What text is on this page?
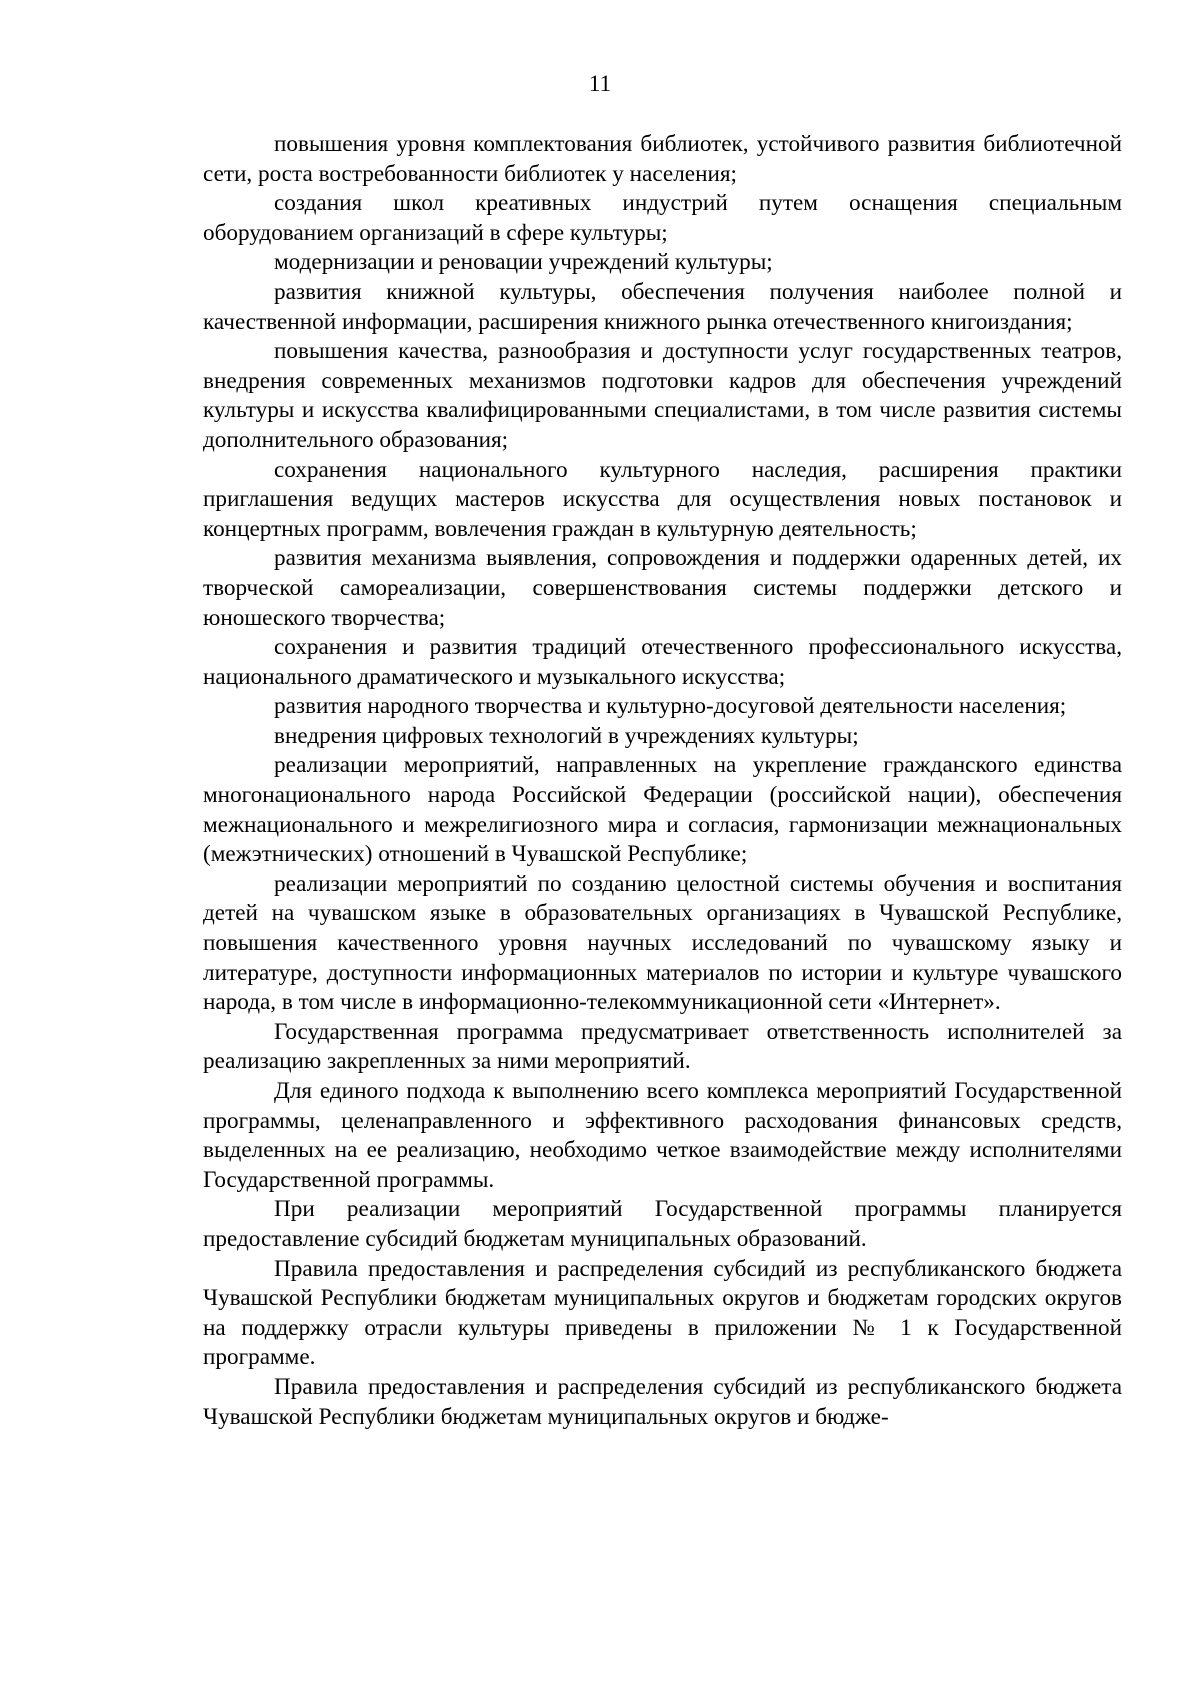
11

повышения уровня комплектования библиотек, устойчивого развития библиотечной сети, роста востребованности библиотек у населения;

создания школ креативных индустрий путем оснащения специальным оборудованием организаций в сфере культуры;

модернизации и реновации учреждений культуры;

развития книжной культуры, обеспечения получения наиболее полной и качественной информации, расширения книжного рынка отечественного книгоиздания;

повышения качества, разнообразия и доступности услуг государственных театров, внедрения современных механизмов подготовки кадров для обеспечения учреждений культуры и искусства квалифицированными специалистами, в том числе развития системы дополнительного образования;

сохранения национального культурного наследия, расширения практики приглашения ведущих мастеров искусства для осуществления новых постановок и концертных программ, вовлечения граждан в культурную деятельность;

развития механизма выявления, сопровождения и поддержки одаренных детей, их творческой самореализации, совершенствования системы поддержки детского и юношеского творчества;

сохранения и развития традиций отечественного профессионального искусства, национального драматического и музыкального искусства;

развития народного творчества и культурно-досуговой деятельности населения;

внедрения цифровых технологий в учреждениях культуры;

реализации мероприятий, направленных на укрепление гражданского единства многонационального народа Российской Федерации (российской нации), обеспечения межнационального и межрелигиозного мира и согласия, гармонизации межнациональных (межэтнических) отношений в Чувашской Республике;

реализации мероприятий по созданию целостной системы обучения и воспитания детей на чувашском языке в образовательных организациях в Чувашской Республике, повышения качественного уровня научных исследований по чувашскому языку и литературе, доступности информационных материалов по истории и культуре чувашского народа, в том числе в информационно-телекоммуникационной сети «Интернет».

Государственная программа предусматривает ответственность исполнителей за реализацию закрепленных за ними мероприятий.

Для единого подхода к выполнению всего комплекса мероприятий Государственной программы, целенаправленного и эффективного расходования финансовых средств, выделенных на ее реализацию, необходимо четкое взаимодействие между исполнителями Государственной программы.

При реализации мероприятий Государственной программы планируется предоставление субсидий бюджетам муниципальных образований.

Правила предоставления и распределения субсидий из республиканского бюджета Чувашской Республики бюджетам муниципальных округов и бюджетам городских округов на поддержку отрасли культуры приведены в приложении № 1 к Государственной программе.

Правила предоставления и распределения субсидий из республиканского бюджета Чувашской Республики бюджетам муниципальных округов и бюдже-
